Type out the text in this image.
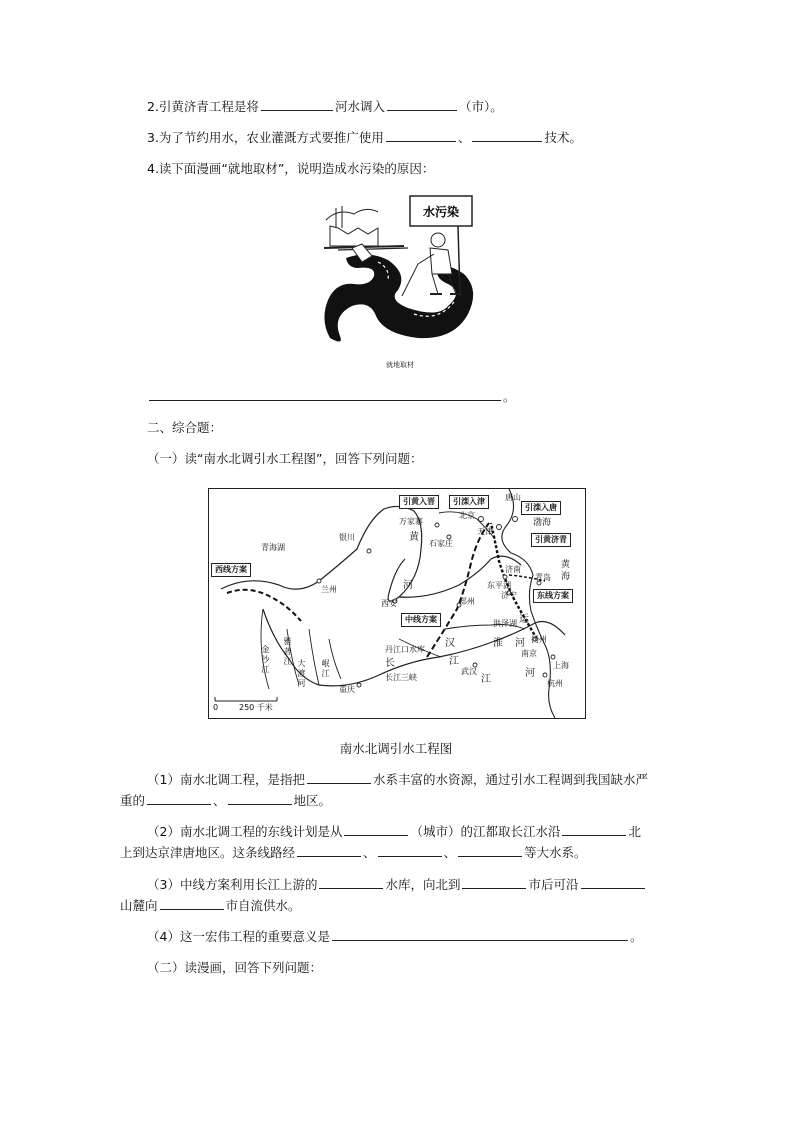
2.引黄济青工程是将	河水调入	（市）。
3.为了节约用水，农业灌溉方式要推广使用	、	技术。
4.读下面漫画“就地取材”，说明造成水污染的原因：
水污染
就地取材
。
二、综合题：
（一）读“南水北调引水工程图”，回答下列问题：
引黄入晋	引滦入津
引滦入唐
引黄济青
东线方案
西线方案
中线方案
北京
天津
唐山
万家寨
石家庄
银川
青海湖
兰州
西安	郑州
济南
青岛
东平湖
济宁
洪泽湖
丹江口水库
长江三峡
武汉
重庆
南京
扬州
上海
杭州
渤海
黄海
黄
河
汉
江
长
淮 河
运
河
江
金沙江
雅砻江 大渡河
岷江
0	250 千米
南水北调引水工程图
（1）南水北调工程，是指把	水系丰富的水资源，通过引水工程调到我国缺水严
重的	、	地区。
（2）南水北调工程的东线计划是从	（城市）的江都取长江水沿	北
上到达京津唐地区。这条线路经	、	、	等大水系。
（3）中线方案利用长江上游的	水库，向北到	市后可沿
山麓向	市自流供水。
（4）这一宏伟工程的重要意义是	。
（二）读漫画，回答下列问题：
